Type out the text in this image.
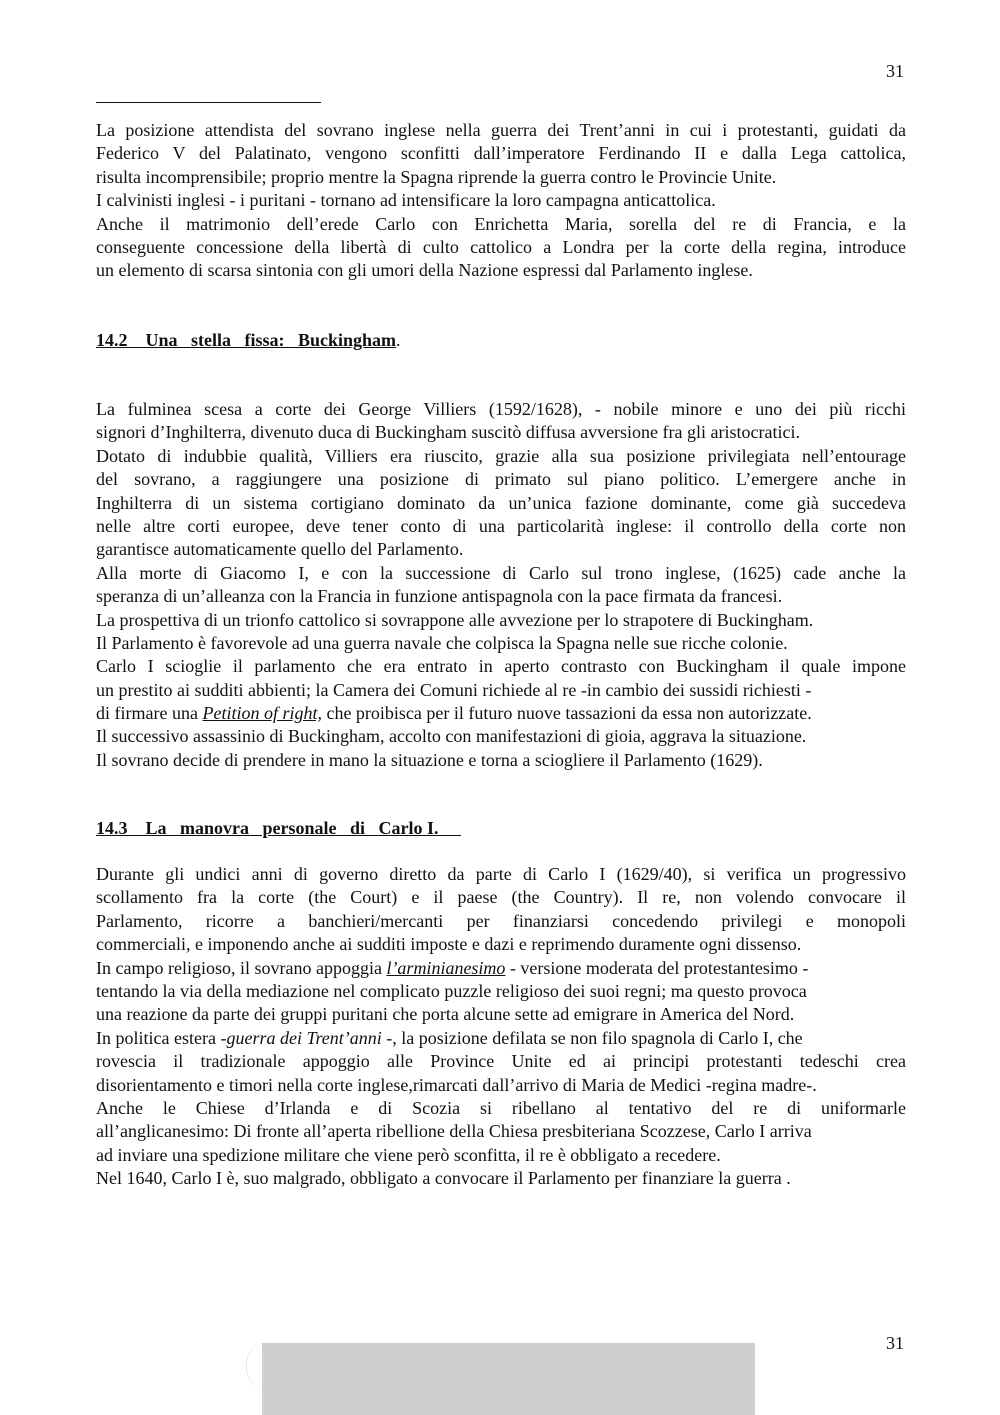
31
La posizione attendista del sovrano inglese nella guerra dei Trent’anni in cui i protestanti, guidati da
Federico V del Palatinato, vengono sconfitti dall’imperatore Ferdinando II e dalla Lega cattolica,
risulta incomprensibile; proprio mentre la Spagna riprende la guerra contro le Provincie Unite.
I calvinisti inglesi - i puritani - tornano ad intensificare la loro campagna anticattolica.
Anche il matrimonio dell’erede Carlo con Enrichetta Maria, sorella del re di Francia, e la
conseguente concessione della libertà di culto cattolico a Londra per la corte della regina, introduce
un elemento di scarsa sintonia con gli umori della Nazione espressi dal Parlamento inglese.
14.2    Una   stella   fissa:   Buckingham.
La fulminea scesa a corte dei George Villiers (1592/1628), - nobile minore e uno dei più ricchi
signori d’Inghilterra, divenuto duca di Buckingham suscitò diffusa avversione fra gli aristocratici.
Dotato di indubbie qualità, Villiers era riuscito, grazie alla sua posizione privilegiata nell’entourage
del sovrano, a raggiungere una posizione di primato sul piano politico. L’emergere anche in
Inghilterra di un sistema cortigiano dominato da un’unica fazione dominante, come già succedeva
nelle altre corti europee, deve tener conto di una particolarità inglese: il controllo della corte non
garantisce automaticamente quello del Parlamento.
Alla morte di Giacomo I, e con la successione di Carlo sul trono inglese, (1625) cade anche la
speranza di un’alleanza con la Francia in funzione antispagnola con la pace firmata da francesi.
La prospettiva di un trionfo cattolico si sovrappone alle avvezione per lo strapotere di Buckingham.
Il Parlamento è favorevole ad una guerra navale che colpisca la Spagna nelle sue ricche colonie.
Carlo I scioglie il parlamento che era entrato in aperto contrasto con Buckingham il quale impone
un prestito ai sudditi abbienti; la Camera dei Comuni richiede al re -in cambio dei sussidi richiesti -
di firmare una Petition of right, che proibisca per il futuro nuove tassazioni da essa non autorizzate.
Il successivo assassinio di Buckingham, accolto con manifestazioni di gioia, aggrava la situazione.
Il sovrano decide di prendere in mano la situazione e torna a sciogliere il Parlamento (1629).
14.3    La   manovra   personale   di   Carlo I.
Durante gli undici anni di governo diretto da parte di Carlo I (1629/40), si verifica un progressivo
scollamento fra la corte (the Court) e il paese (the Country). Il re, non volendo convocare il
Parlamento, ricorre a banchieri/mercanti per finanziarsi concedendo privilegi e monopoli
commerciali, e imponendo anche ai sudditi imposte e dazi e reprimendo duramente ogni dissenso.
In campo religioso, il sovrano appoggia l’arminianesimo - versione moderata del protestantesimo -
tentando la via della mediazione nel complicato puzzle religioso dei suoi regni; ma questo provoca
una reazione da parte dei gruppi puritani che porta alcune sette ad emigrare in America del Nord.
In politica estera -guerra dei Trent’anni -, la posizione defilata se non filo spagnola di Carlo I, che
rovescia il tradizionale appoggio alle Province Unite ed ai principi protestanti tedeschi crea
disorientamento e timori nella corte inglese,rimarcati dall’arrivo di Maria de Medici -regina madre-.
Anche le Chiese d’Irlanda e di Scozia si ribellano al tentativo del re di uniformarle
all’anglicanesimo: Di fronte all’aperta ribellione della Chiesa presbiteriana Scozzese, Carlo I arriva
ad inviare una spedizione militare che viene però sconfitta, il re è obbligato a recedere.
Nel 1640, Carlo I è, suo malgrado, obbligato a convocare il Parlamento per finanziare la guerra .
31
